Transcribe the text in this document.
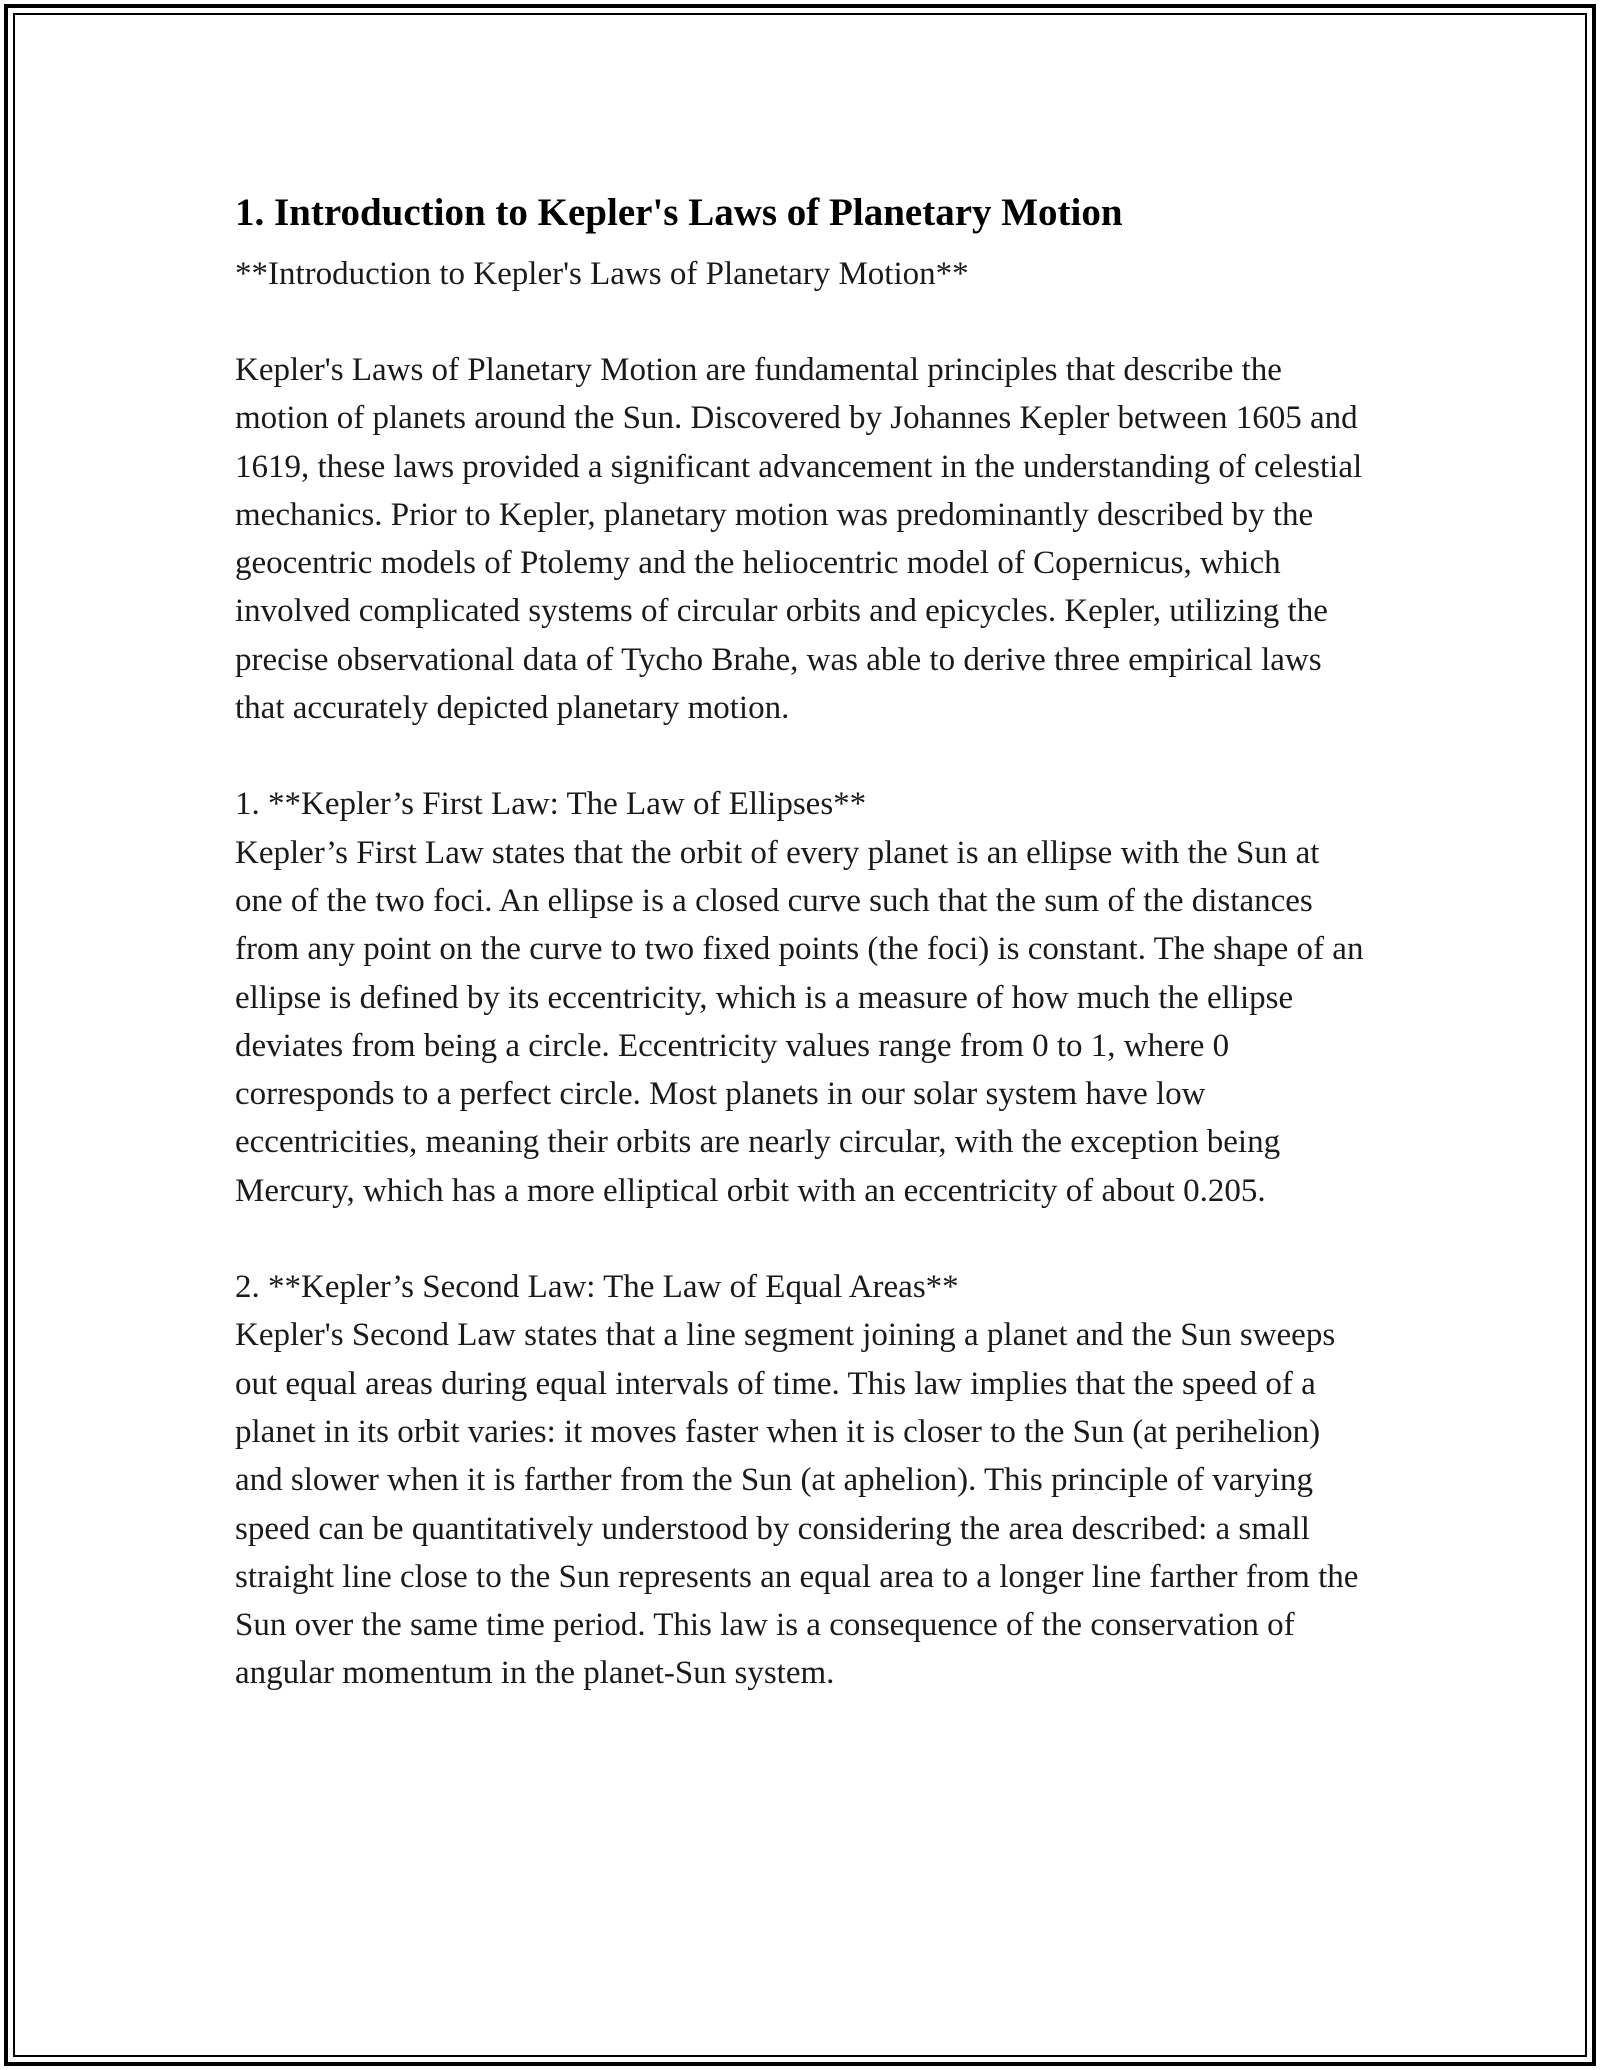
1. Introduction to Kepler's Laws of Planetary Motion

**Introduction to Kepler's Laws of Planetary Motion**

Kepler's Laws of Planetary Motion are fundamental principles that describe the motion of planets around the Sun. Discovered by Johannes Kepler between 1605 and 1619, these laws provided a significant advancement in the understanding of celestial mechanics. Prior to Kepler, planetary motion was predominantly described by the geocentric models of Ptolemy and the heliocentric model of Copernicus, which involved complicated systems of circular orbits and epicycles. Kepler, utilizing the precise observational data of Tycho Brahe, was able to derive three empirical laws that accurately depicted planetary motion.

1. **Kepler’s First Law: The Law of Ellipses**

Kepler’s First Law states that the orbit of every planet is an ellipse with the Sun at one of the two foci. An ellipse is a closed curve such that the sum of the distances from any point on the curve to two fixed points (the foci) is constant. The shape of an ellipse is defined by its eccentricity, which is a measure of how much the ellipse deviates from being a circle. Eccentricity values range from 0 to 1, where 0 corresponds to a perfect circle. Most planets in our solar system have low eccentricities, meaning their orbits are nearly circular, with the exception being Mercury, which has a more elliptical orbit with an eccentricity of about 0.205.

2. **Kepler’s Second Law: The Law of Equal Areas**

Kepler's Second Law states that a line segment joining a planet and the Sun sweeps out equal areas during equal intervals of time. This law implies that the speed of a planet in its orbit varies: it moves faster when it is closer to the Sun (at perihelion) and slower when it is farther from the Sun (at aphelion). This principle of varying speed can be quantitatively understood by considering the area described: a small straight line close to the Sun represents an equal area to a longer line farther from the Sun over the same time period. This law is a consequence of the conservation of angular momentum in the planet-Sun system.
